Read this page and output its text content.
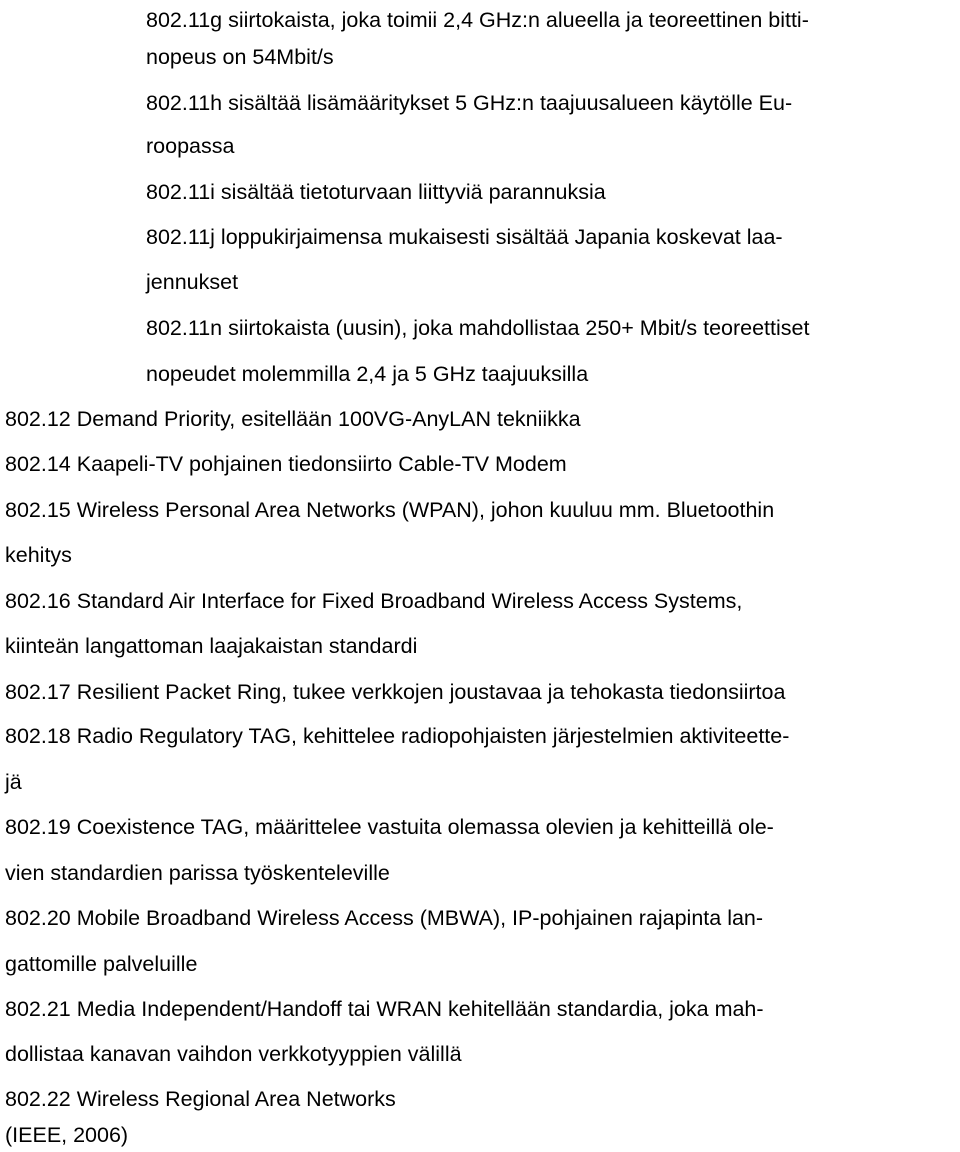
802.11g siirtokaista, joka toimii 2,4 GHz:n alueella ja teoreettinen bitti-
nopeus on 54Mbit/s
802.11h sisältää lisämääritykset 5 GHz:n taajuusalueen käytölle Eu-
roopassa
802.11i sisältää tietoturvaan liittyviä parannuksia
802.11j loppukirjaimensa mukaisesti sisältää Japania koskevat laa-
jennukset
802.11n siirtokaista (uusin), joka mahdollistaa 250+ Mbit/s teoreettiset
nopeudet molemmilla 2,4 ja 5 GHz taajuuksilla
802.12 Demand Priority, esitellään 100VG-AnyLAN tekniikka
802.14 Kaapeli-TV pohjainen tiedonsiirto Cable-TV Modem
802.15 Wireless Personal Area Networks (WPAN), johon kuuluu mm. Bluetoothin
kehitys
802.16 Standard Air Interface for Fixed Broadband Wireless Access Systems,
kiinteän langattoman laajakaistan standardi
802.17 Resilient Packet Ring, tukee verkkojen joustavaa ja tehokasta tiedonsiirtoa
802.18 Radio Regulatory TAG, kehittelee radiopohjaisten järjestelmien aktiviteette-
jä
802.19 Coexistence TAG, määrittelee vastuita olemassa olevien ja kehitteillä ole-
vien standardien parissa työskenteleville
802.20 Mobile Broadband Wireless Access (MBWA), IP-pohjainen rajapinta lan-
gattomille palveluille
802.21 Media Independent/Handoff tai WRAN kehitellään standardia, joka mah-
dollistaa kanavan vaihdon verkkotyyppien välillä
802.22 Wireless Regional Area Networks
(IEEE, 2006)
